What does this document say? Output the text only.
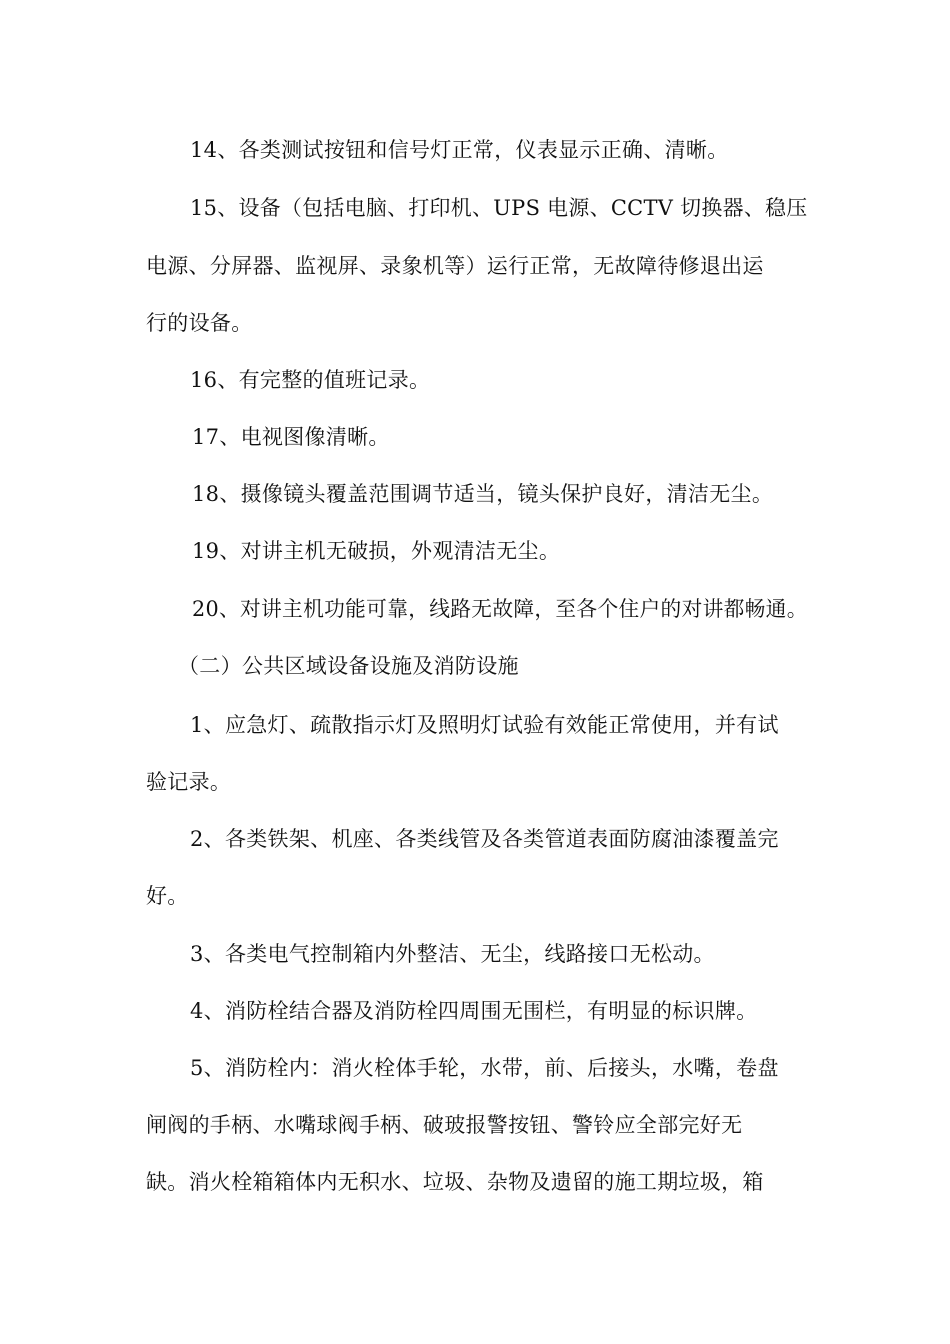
14、各类测试按钮和信号灯正常，仪表显示正确、清晰。
15、设备（包括电脑、打印机、UPS 电源、CCTV 切换器、稳压
电源、分屏器、监视屏、录象机等）运行正常，无故障待修退出运
行的设备。
16、有完整的值班记录。
17、电视图像清晰。
18、摄像镜头覆盖范围调节适当，镜头保护良好，清洁无尘。
19、对讲主机无破损，外观清洁无尘。
20、对讲主机功能可靠，线路无故障，至各个住户的对讲都畅通。
（二）公共区域设备设施及消防设施
1、应急灯、疏散指示灯及照明灯试验有效能正常使用，并有试
验记录。
2、各类铁架、机座、各类线管及各类管道表面防腐油漆覆盖完
好。
3、各类电气控制箱内外整洁、无尘，线路接口无松动。
4、消防栓结合器及消防栓四周围无围栏，有明显的标识牌。
5、消防栓内：消火栓体手轮，水带，前、后接头，水嘴，卷盘
闸阀的手柄、水嘴球阀手柄、破玻报警按钮、警铃应全部完好无
缺。消火栓箱箱体内无积水、垃圾、杂物及遗留的施工期垃圾，箱
